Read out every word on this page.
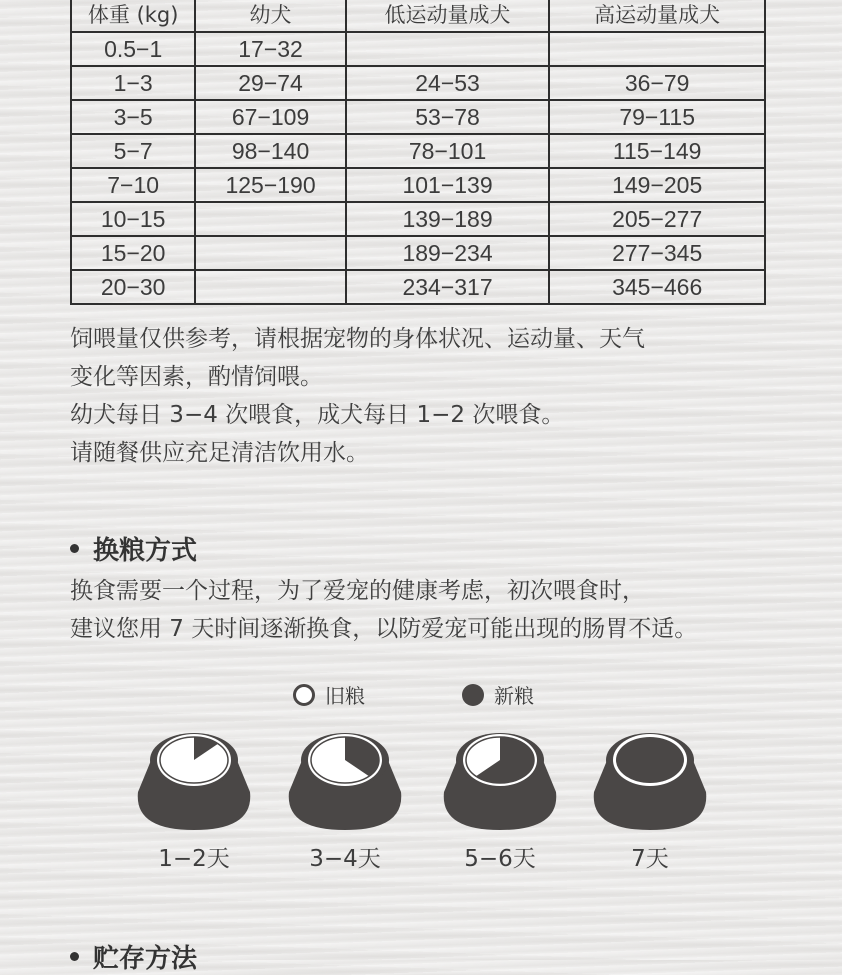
体重 (kg)	幼犬	低运动量成犬	高运动量成犬
0.5−1	17−32		
1−3	29−74	24−53	36−79
3−5	67−109	53−78	79−115
5−7	98−140	78−101	115−149
7−10	125−190	101−139	149−205
10−15		139−189	205−277
15−20		189−234	277−345
20−30		234−317	345−466

饲喂量仅供参考，请根据宠物的身体状况、运动量、天气

变化等因素，酌情饲喂。

幼犬每日 3−4 次喂食，成犬每日 1−2 次喂食。

请随餐供应充足清洁饮用水。

换粮方式

换食需要一个过程，为了爱宠的健康考虑，初次喂食时，

建议您用 7 天时间逐渐换食，以防爱宠可能出现的肠胃不适。

旧粮	新粮
1−2天	3−4天	5−6天	7天
贮存方法
